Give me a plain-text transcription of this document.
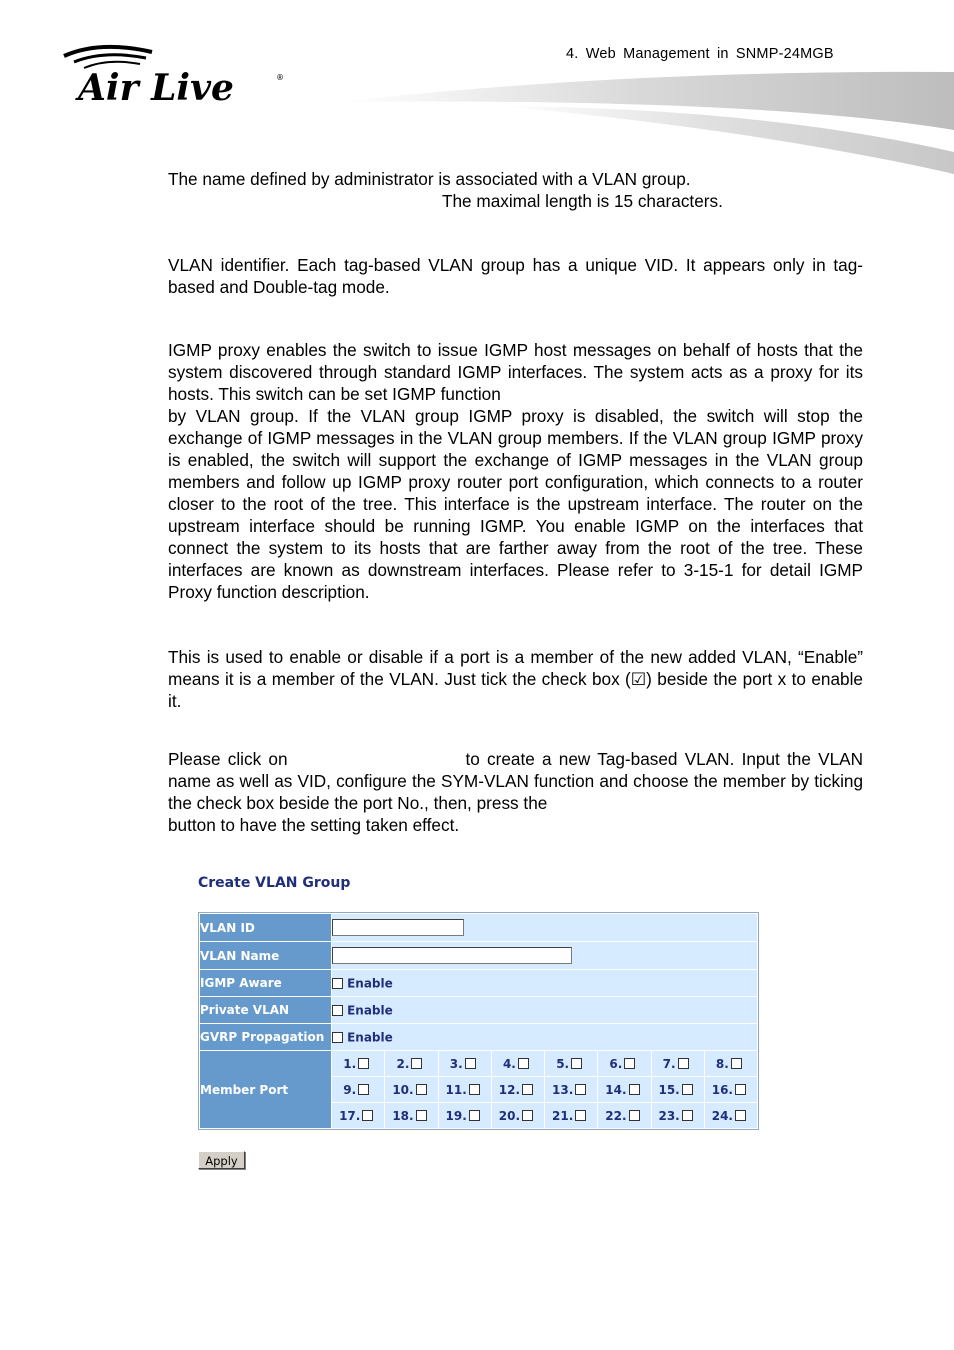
Air Live	®
4. Web Management in SNMP-24MGB
The name defined by administrator is associated with a VLAN group.
The maximal length is 15 characters.
VLAN identifier. Each tag-based VLAN group has a unique VID. It appears only in tag-based and Double-tag mode.
IGMP proxy enables the switch to issue IGMP host messages on behalf of hosts that the system discovered through standard IGMP interfaces. The system acts as a proxy for its hosts. This switch can be set IGMP function
by VLAN group. If the VLAN group IGMP proxy is disabled, the switch will stop the exchange of IGMP messages in the VLAN group members. If the VLAN group IGMP proxy is enabled, the switch will support the exchange of IGMP messages in the VLAN group members and follow up IGMP proxy router port configuration, which connects to a router closer to the root of the tree. This interface is the upstream interface. The router on the upstream interface should be running IGMP. You enable IGMP on the interfaces that connect the system to its hosts that are farther away from the root of the tree. These interfaces are known as downstream interfaces. Please refer to 3-15-1 for detail IGMP Proxy function description.
This is used to enable or disable if a port is a member of the new added VLAN, “Enable” means it is a member of the VLAN. Just tick the check box (☑) beside the port x to enable it.
Please click on	to create a new Tag-based VLAN. Input the VLAN name as well as VID, configure the SYM-VLAN function and choose the member by ticking the check box beside the port No., then, press the
button to have the setting taken effect.
Create VLAN Group
VLAN ID								
VLAN Name								
IGMP Aware	Enable							
Private VLAN	Enable							
GVRP Propagation	Enable							
Member Port	1.	2.	3.	4.	5.	6.	7.	8.
	9.	10.	11.	12.	13.	14.	15.	16.
	17.	18.	19.	20.	21.	22.	23.	24.
Apply
